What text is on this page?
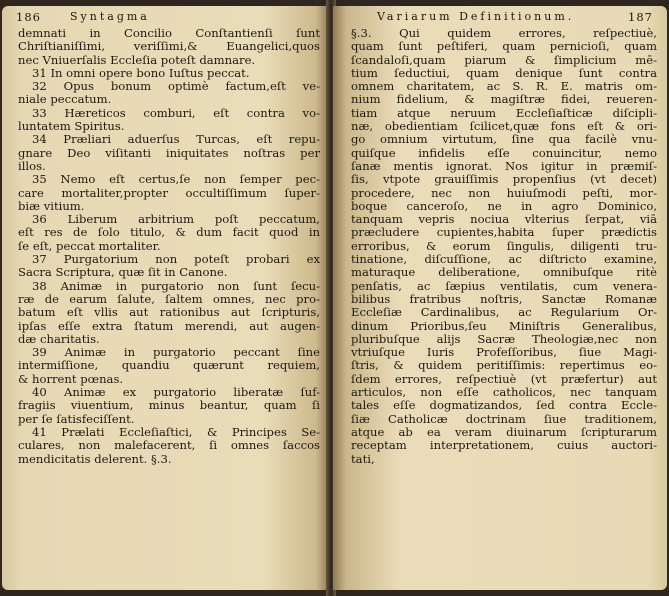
186	Syntagma
demnati in Concilio Conſtantienſi ſunt
Chriſtianiſſimi, veriſſimi,& Euangelici,quos
nec Vniuerſalis Eccleſia poteſt damnare.
31 In omni opere bono Iuſtus peccat.
32 Opus bonum optimè factum,eſt ve-
niale peccatum.
33 Hæreticos comburi, eſt contra vo-
luntatem Spiritus.
34 Præliari aduerſus Turcas, eſt repu-
gnare Deo viſitanti iniquitates noſtras per
illos.
35 Nemo eſt certus,ſe non ſemper pec-
care mortaliter,propter occultiſſimum ſuper-
biæ vitium.
36 Liberum arbitrium poſt peccatum,
eſt res de ſolo titulo, & dum facit quod in
ſe eſt, peccat mortaliter.
37 Purgatorium non poteſt probari ex
Sacra Scriptura, quæ ſit in Canone.
38 Animæ in purgatorio non ſunt ſecu-
ræ de earum ſalute, ſaltem omnes, nec pro-
batum eſt vllis aut rationibus aut ſcripturis,
ipſas eſſe extra ſtatum merendi, aut augen-
dæ charitatis.
39 Animæ in purgatorio peccant ſine
intermiſſione, quandiu quærunt requiem,
& horrent pœnas.
40 Animæ ex purgatorio liberatæ ſuf-
fragiis viuentium, minus beantur, quam ſi
per ſe ſatisfeciſſent.
41 Prælati Eccleſiaſtici, & Principes Se-
culares, non malefacerent, ſi omnes ſaccos
mendicitatis delerent. §.3.
Variarum Definitionum.	187
§.3. Qui quidem errores, reſpectiuè,
quam ſunt peſtiferi, quam pernicioſi, quam
ſcandaloſi,quam piarum & ſimplicium mē-
tium ſeductiui, quam denique ſunt contra
omnem charitatem, ac S. R. E. matris om-
nium fidelium, & magiſtræ fidei, reueren-
tiam atque neruum Eccleſiaſticæ diſcipli-
næ, obedientiam ſcilicet,quæ fons eſt & ori-
go omnium virtutum, ſine qua facilè vnu-
quiſque infidelis eſſe conuincitur, nemo
ſanæ mentis ignorat. Nos igitur in præmiſ-
ſis, vtpote grauiſſimis propenſius (vt decet)
procedere, nec non huiuſmodi peſti, mor-
boque canceroſo, ne in agro Dominico,
tanquam vepris nociua vlterius ſerpat, viā
præcludere cupientes,habita ſuper prædictis
erroribus, & eorum ſingulis, diligenti tru-
tinatione, diſcuſſione, ac diſtricto examine,
maturaque deliberatione, omnibuſque ritè
penſatis, ac ſæpius ventilatis, cum venera-
bilibus fratribus noſtris, Sanctæ Romanæ
Eccleſiæ Cardinalibus, ac Regularium Or-
dinum Prioribus,ſeu Miniſtris Generalibus,
pluribuſque alijs Sacræ Theologiæ,nec non
vtriuſque Iuris Profeſſoribus, ſiue Magi-
ſtris, & quidem peritiſſimis: repertimus eo-
ſdem errores, reſpectiuè (vt præfertur) aut
articulos, non eſſe catholicos, nec tanquam
tales eſſe dogmatizandos, ſed contra Eccle-
ſiæ Catholicæ doctrinam ſiue traditionem,
atque ab ea veram diuinarum ſcripturarum
receptam interpretationem, cuius auctori-
tati,
